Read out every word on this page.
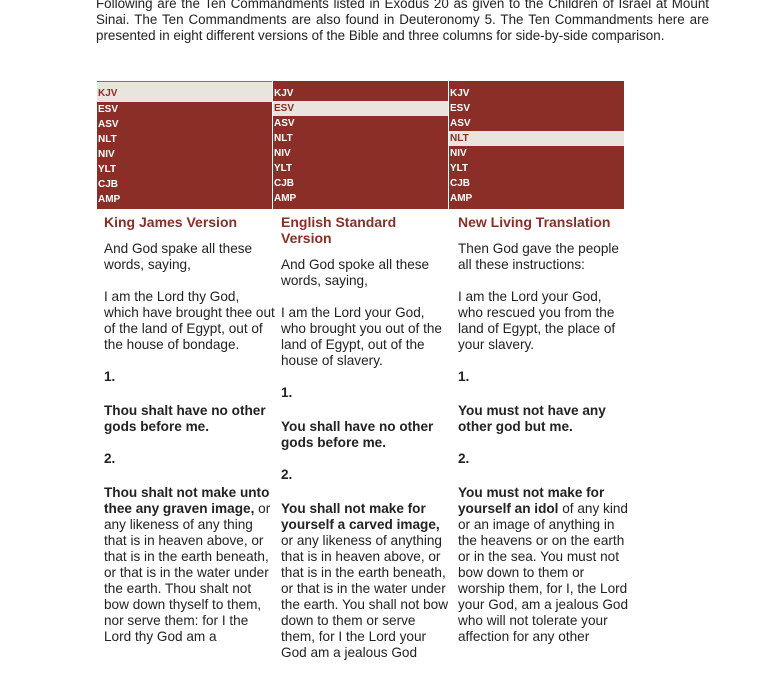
Following are the Ten Commandments listed in Exodus 20 as given to the Children of Israel at Mount Sinai. The Ten Commandments are also found in Deuteronomy 5. The Ten Commandments here are presented in eight different versions of the Bible and three columns for side-by-side comparison.
KJV
ESV
ASV
NLT
NIV
YLT
CJB
AMP
KJV
ESV
ASV
NLT
NIV
YLT
CJB
AMP
KJV
ESV
ASV
NLT
NIV
YLT
CJB
AMP
King James Version

And God spake all these words, saying,

I am the Lord thy God, which have brought thee out of the land of Egypt, out of the house of bondage.

1.

Thou shalt have no other gods before me.

2.

Thou shalt not make unto thee any graven image, or any likeness of any thing that is in heaven above, or that is in the earth beneath, or that is in the water under the earth. Thou shalt not bow down thyself to them, nor serve them: for I the Lord thy God am a

English Standard Version

And God spoke all these words, saying,

I am the Lord your God, who brought you out of the land of Egypt, out of the house of slavery.

1.

You shall have no other gods before me.

2.

You shall not make for yourself a carved image, or any likeness of anything that is in heaven above, or that is in the earth beneath, or that is in the water under the earth. You shall not bow down to them or serve them, for I the Lord your God am a jealous God

New Living Translation

Then God gave the people all these instructions:

I am the Lord your God, who rescued you from the land of Egypt, the place of your slavery.

1.

You must not have any other god but me.

2.

You must not make for yourself an idol of any kind or an image of anything in the heavens or on the earth or in the sea. You must not bow down to them or worship them, for I, the Lord your God, am a jealous God who will not tolerate your affection for any other
